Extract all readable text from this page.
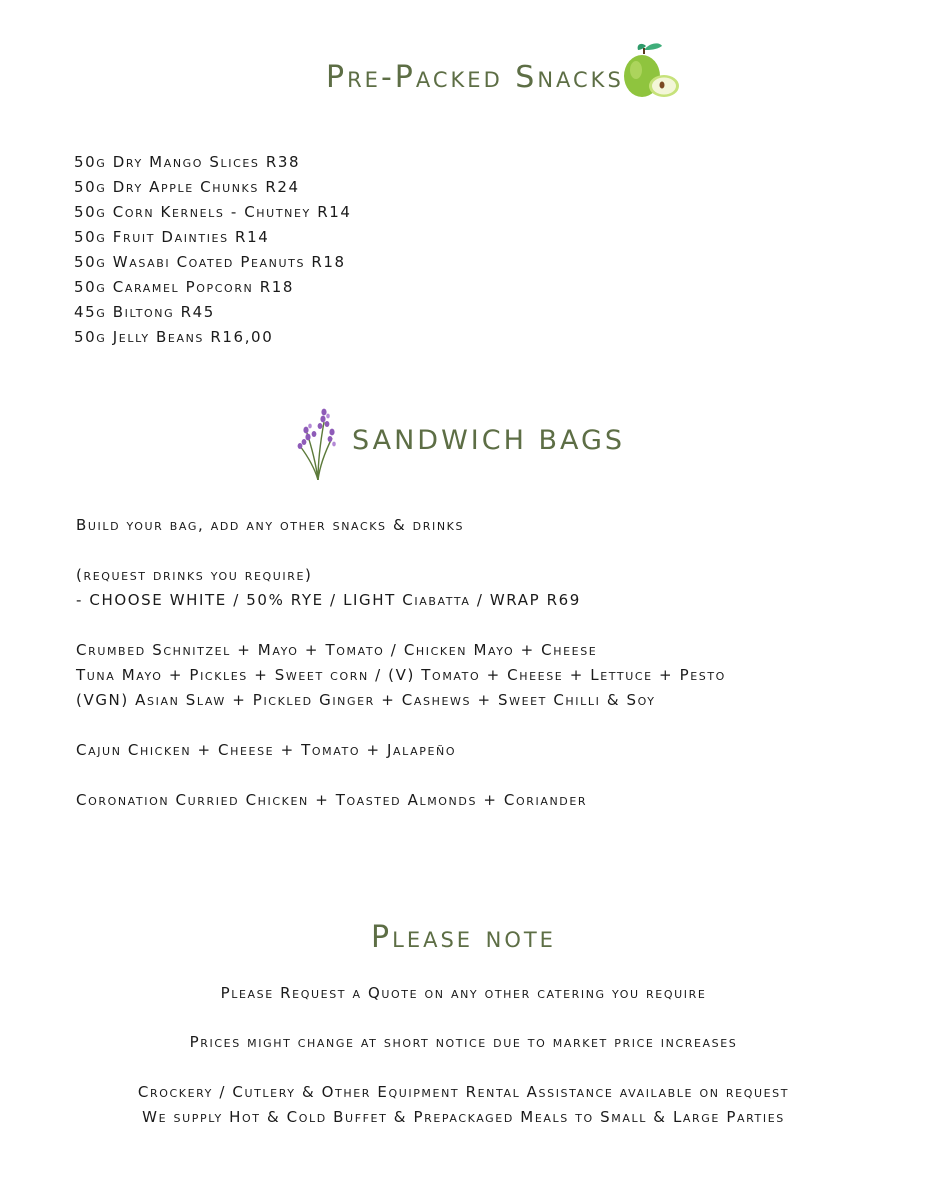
Pre-Packed Snacks
50g Dry Mango Slices R38
50g Dry Apple Chunks R24
50g Corn Kernels - Chutney R14
50g Fruit Dainties R14
50g Wasabi Coated Peanuts R18
50g Caramel Popcorn R18
45g Biltong R45
50g Jelly Beans R16,00
SANDWICH BAGS
Build your bag, add any other snacks & drinks
(request drinks you require)
- CHOOSE WHITE / 50% RYE / LIGHT Ciabatta / WRAP R69
Crumbed Schnitzel + Mayo + Tomato / Chicken Mayo + Cheese
Tuna Mayo + Pickles + Sweet corn / (V) Tomato + Cheese + Lettuce + Pesto
(VGN) Asian Slaw + Pickled Ginger + Cashews + Sweet Chilli & Soy
Cajun Chicken + Cheese + Tomato + Jalapeño
Coronation Curried Chicken + Toasted Almonds + Coriander
Please note
Please Request a Quote on any other catering you require
Prices might change at short notice due to market price increases
Crockery / Cutlery & Other Equipment Rental Assistance available on request
We supply Hot & Cold Buffet & Prepackaged Meals to Small & Large Parties
